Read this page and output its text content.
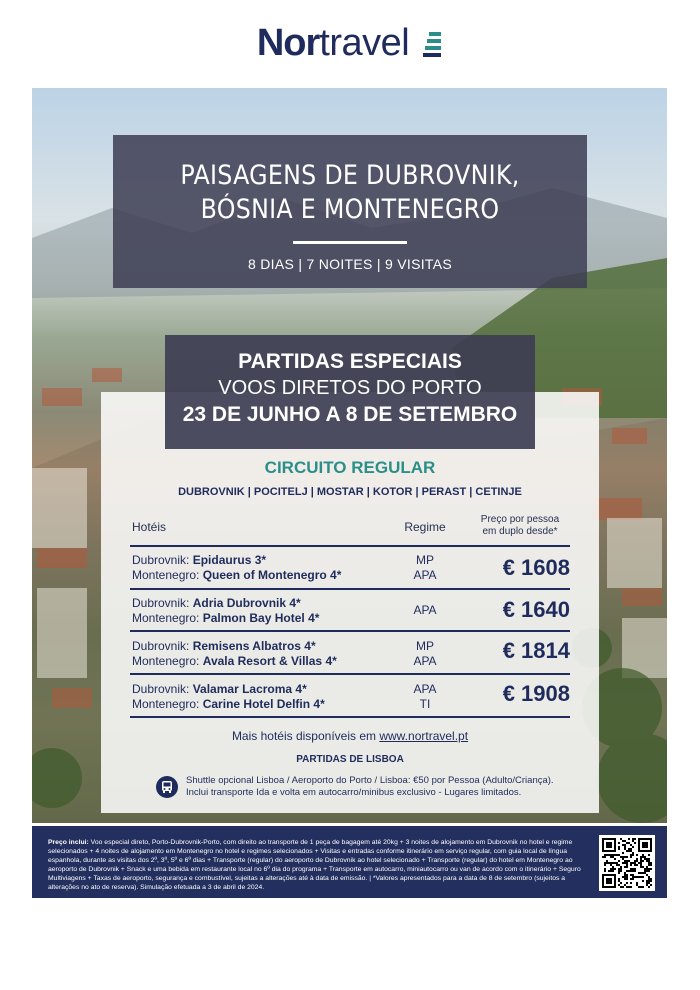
Nor travel
PAISAGENS DE DUBROVNIK,
BÓSNIA E MONTENEGRO
8 DIAS | 7 NOITES | 9 VISITAS
PARTIDAS ESPECIAIS
VOOS DIRETOS DO PORTO
23 DE JUNHO A 8 DE SETEMBRO
CIRCUITO REGULAR
DUBROVNIK | POCITELJ | MOSTAR | KOTOR | PERAST | CETINJE
Hotéis	Regime
Preço por pessoa
em duplo desde*
Dubrovnik: Epidaurus 3*
Montenegro: Queen of Montenegro 4*
MP
APA	€ 1608
Dubrovnik: Adria Dubrovnik 4*
Montenegro: Palmon Bay Hotel 4*
APA	€ 1640
Dubrovnik: Remisens Albatros 4*
Montenegro: Avala Resort & Villas 4*
MP
APA	€ 1814
Dubrovnik: Valamar Lacroma 4*
Montenegro: Carine Hotel Delfin 4*
APA
TI	€ 1908
Mais hotéis disponíveis em www.nortravel.pt
PARTIDAS DE LISBOA
Shuttle opcional Lisboa / Aeroporto do Porto / Lisboa: €50 por Pessoa (Adulto/Criança).
Inclui transporte Ida e volta em autocarro/minibus exclusivo - Lugares limitados.
Preço inclui: Voo especial direto, Porto-Dubrovnik-Porto, com direito ao transporte de 1 peça de bagagem até 20kg + 3 noites de alojamento em Dubrovnik no hotel e regime selecionados + 4 noites de alojamento em Montenegro no hotel e regimes selecionados + Visitas e entradas conforme itinerário em serviço regular, com guia local de língua espanhola, durante as visitas dos 2º, 3º, 5º e 6º dias + Transporte (regular) do aeroporto de Dubrovnik ao hotel selecionado + Transporte (regular) do hotel em Montenegro ao aeroporto de Dubrovnik + Snack e uma bebida em restaurante local no 6º dia do programa + Transporte em autocarro, miniautocarro ou van de acordo com o itinerário + Seguro Multiviagens + Taxas de aeroporto, segurança e combustível, sujeitas a alterações até à data de emissão. | *Valores apresentados para a data de 8 de setembro (sujeitos a alterações no ato de reserva). Simulação efetuada a 3 de abril de 2024.
